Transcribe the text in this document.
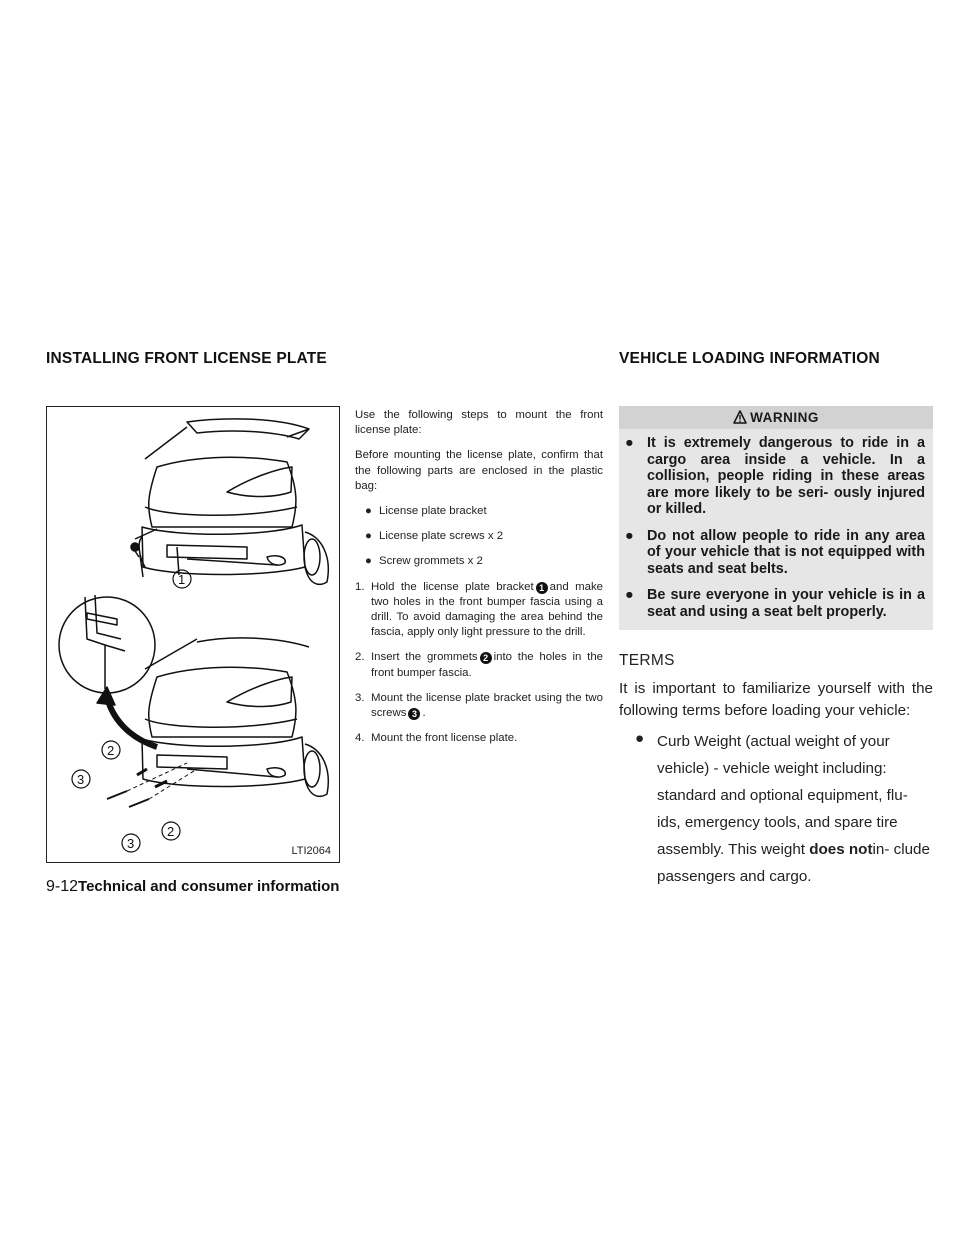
INSTALLING FRONT LICENSE PLATE	VEHICLE LOADING INFORMATION
1
2
3
2
3	LTI2064

Use the following steps to mount the front license plate:

Before mounting the license plate, confirm that the following parts are enclosed in the plastic bag:

● License plate bracket
● License plate screws x 2
● Screw grommets x 2
1. Hold the license plate bracket 1 and make two holes in the front bumper fascia using a drill. To avoid damaging the area behind the fascia, apply only light pressure to the drill.
2. Insert the grommets 2 into the holes in the front bumper fascia.
3. Mount the license plate bracket using the two screws 3 .
4. Mount the front license plate.
WARNING
● It is extremely dangerous to ride in a cargo area inside a vehicle. In a collision, people riding in these areas are more likely to be seri- ously injured or killed.
● Do not allow people to ride in any area of your vehicle that is not equipped with seats and seat belts.
● Be sure everyone in your vehicle is in a seat and using a seat belt properly.
TERMS

It is important to familiarize yourself with the following terms before loading your vehicle:

● Curb Weight (actual weight of your vehicle) - vehicle weight including: standard and optional equipment, flu- ids, emergency tools, and spare tire assembly. This weight does notin- clude passengers and cargo.
9-12Technical and consumer information
